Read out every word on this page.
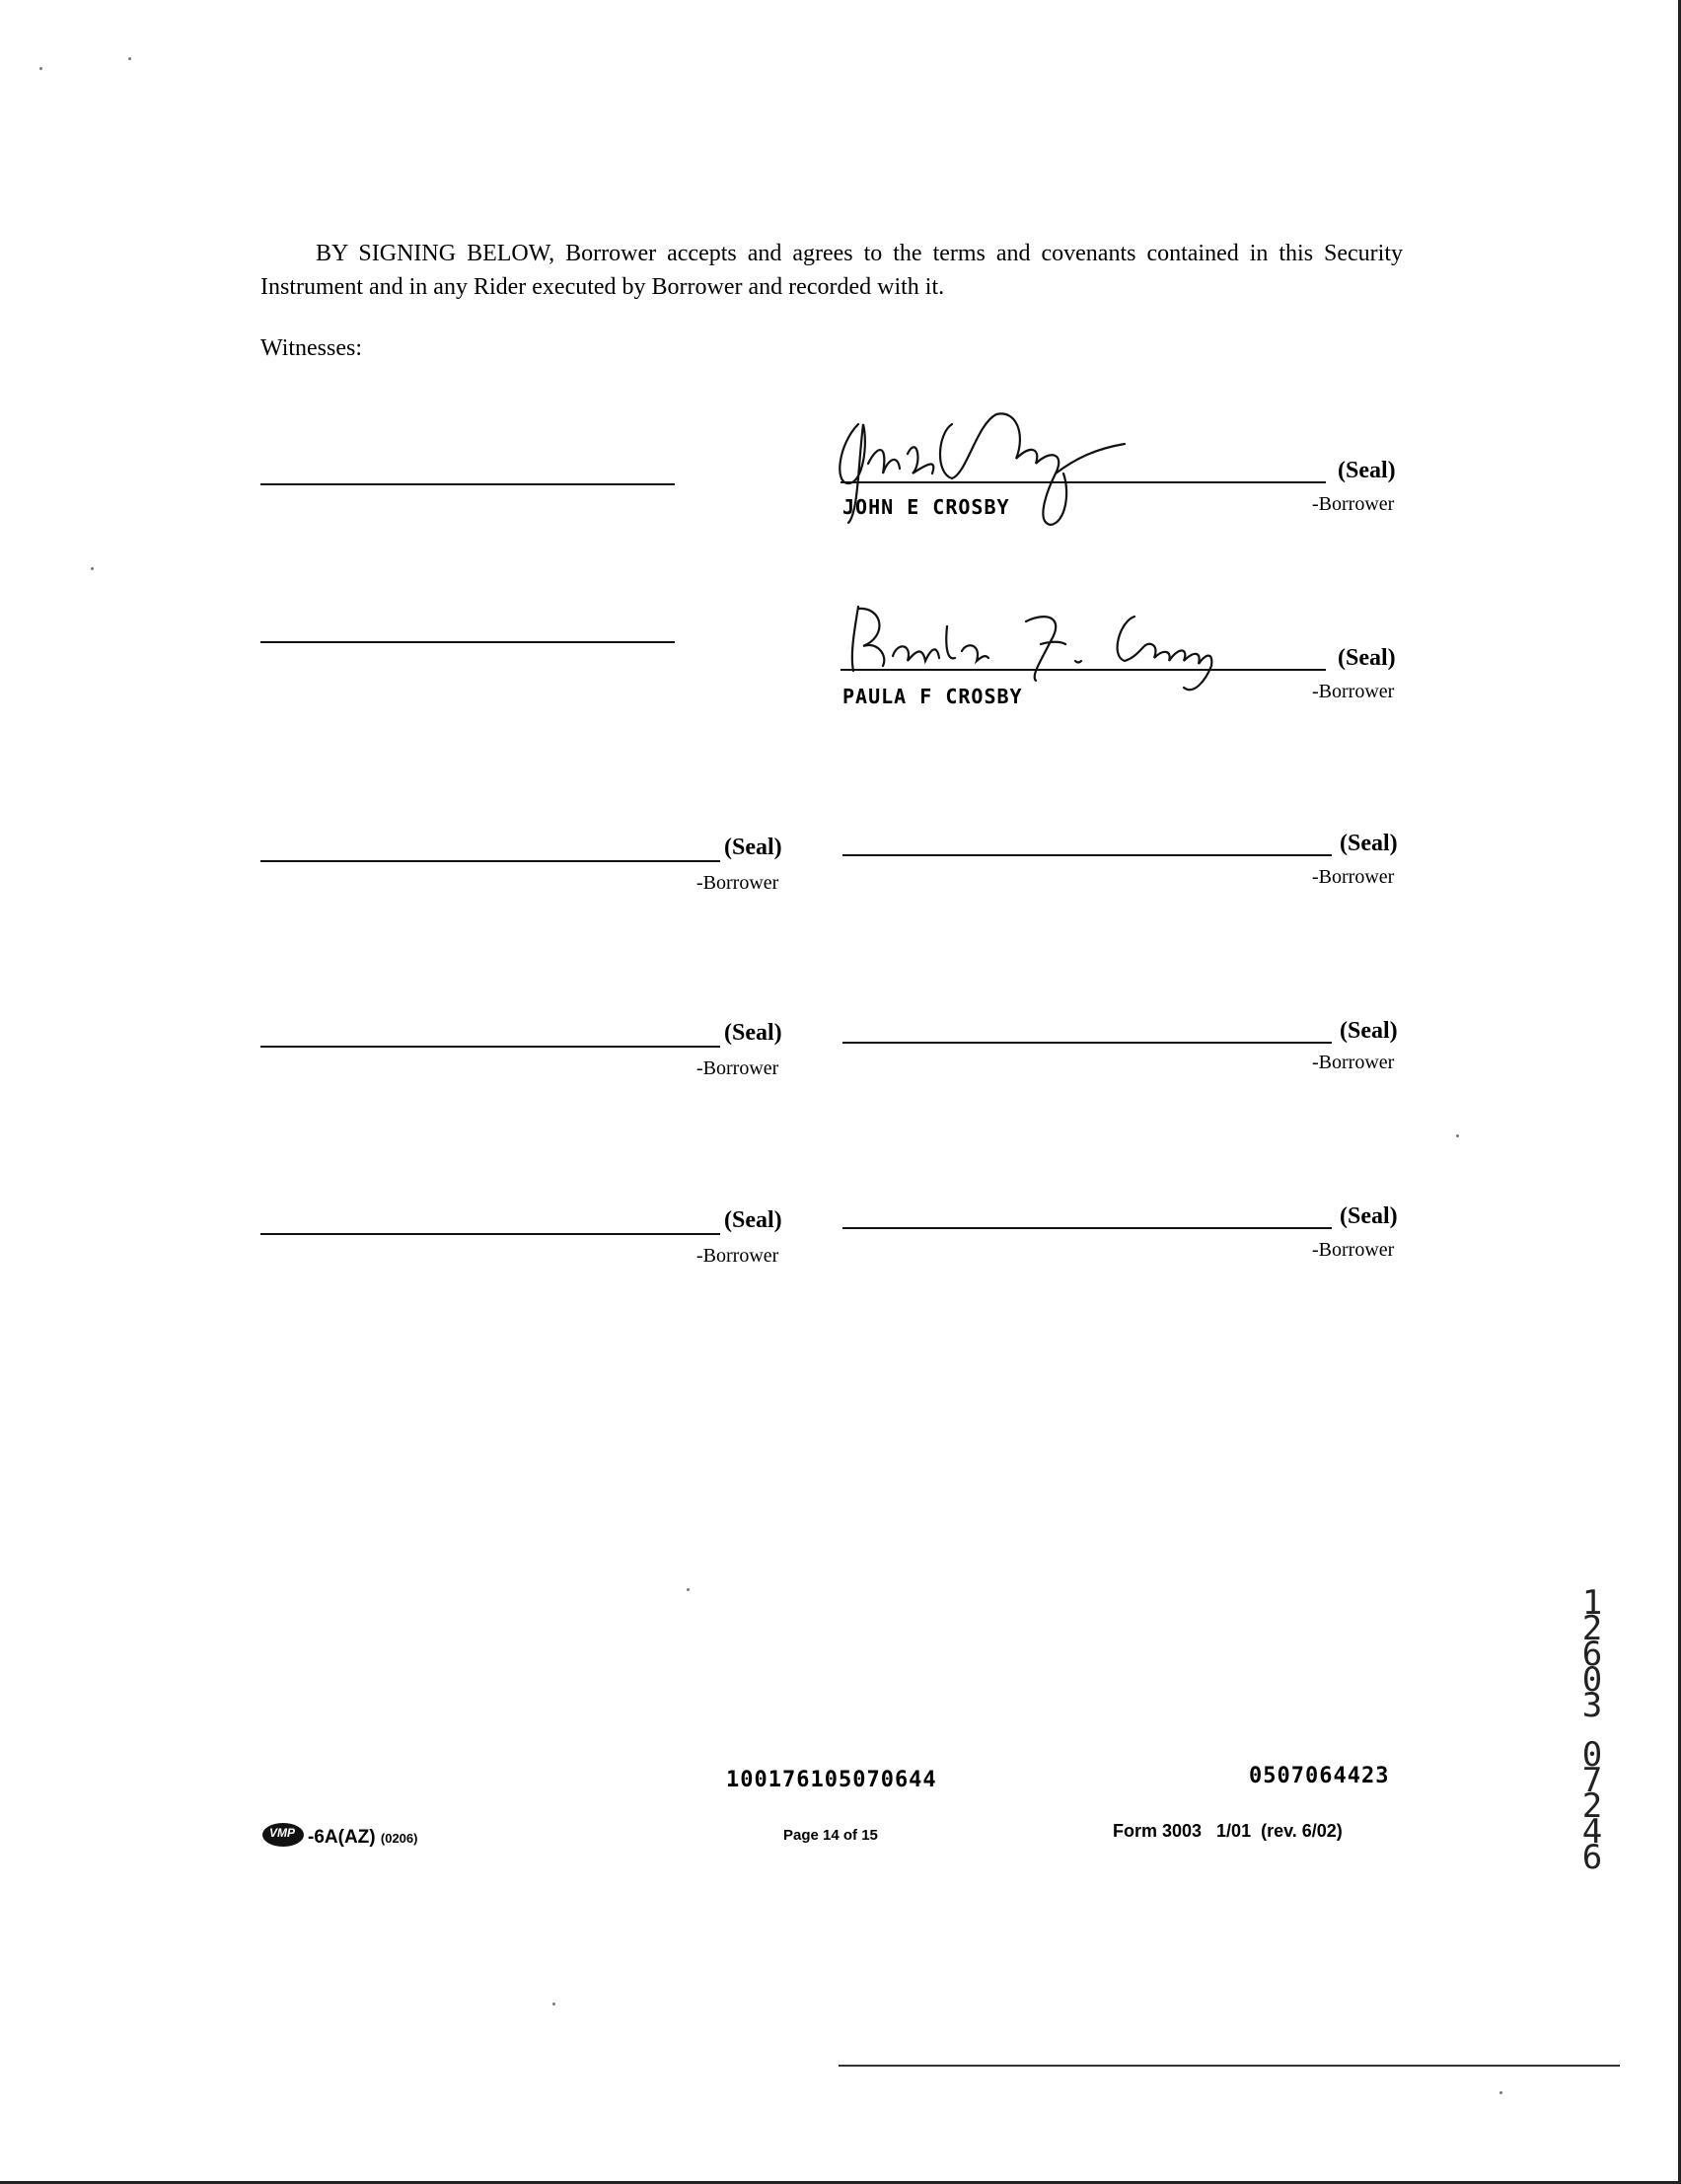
BY SIGNING BELOW, Borrower accepts and agrees to the terms and covenants contained in this Security Instrument and in any Rider executed by Borrower and recorded with it.
Witnesses:
(Seal)
-Borrower
JOHN E CROSBY
(Seal)
-Borrower
PAULA F CROSBY
(Seal)
-Borrower
(Seal)
-Borrower
(Seal)
-Borrower
(Seal)
-Borrower
(Seal)
-Borrower
(Seal)
-Borrower
100176105070644	0507064423
VMP -6A(AZ) (0206)	Page 14 of 15	Form 3003   1/01  (rev. 6/02)
12603
07246
